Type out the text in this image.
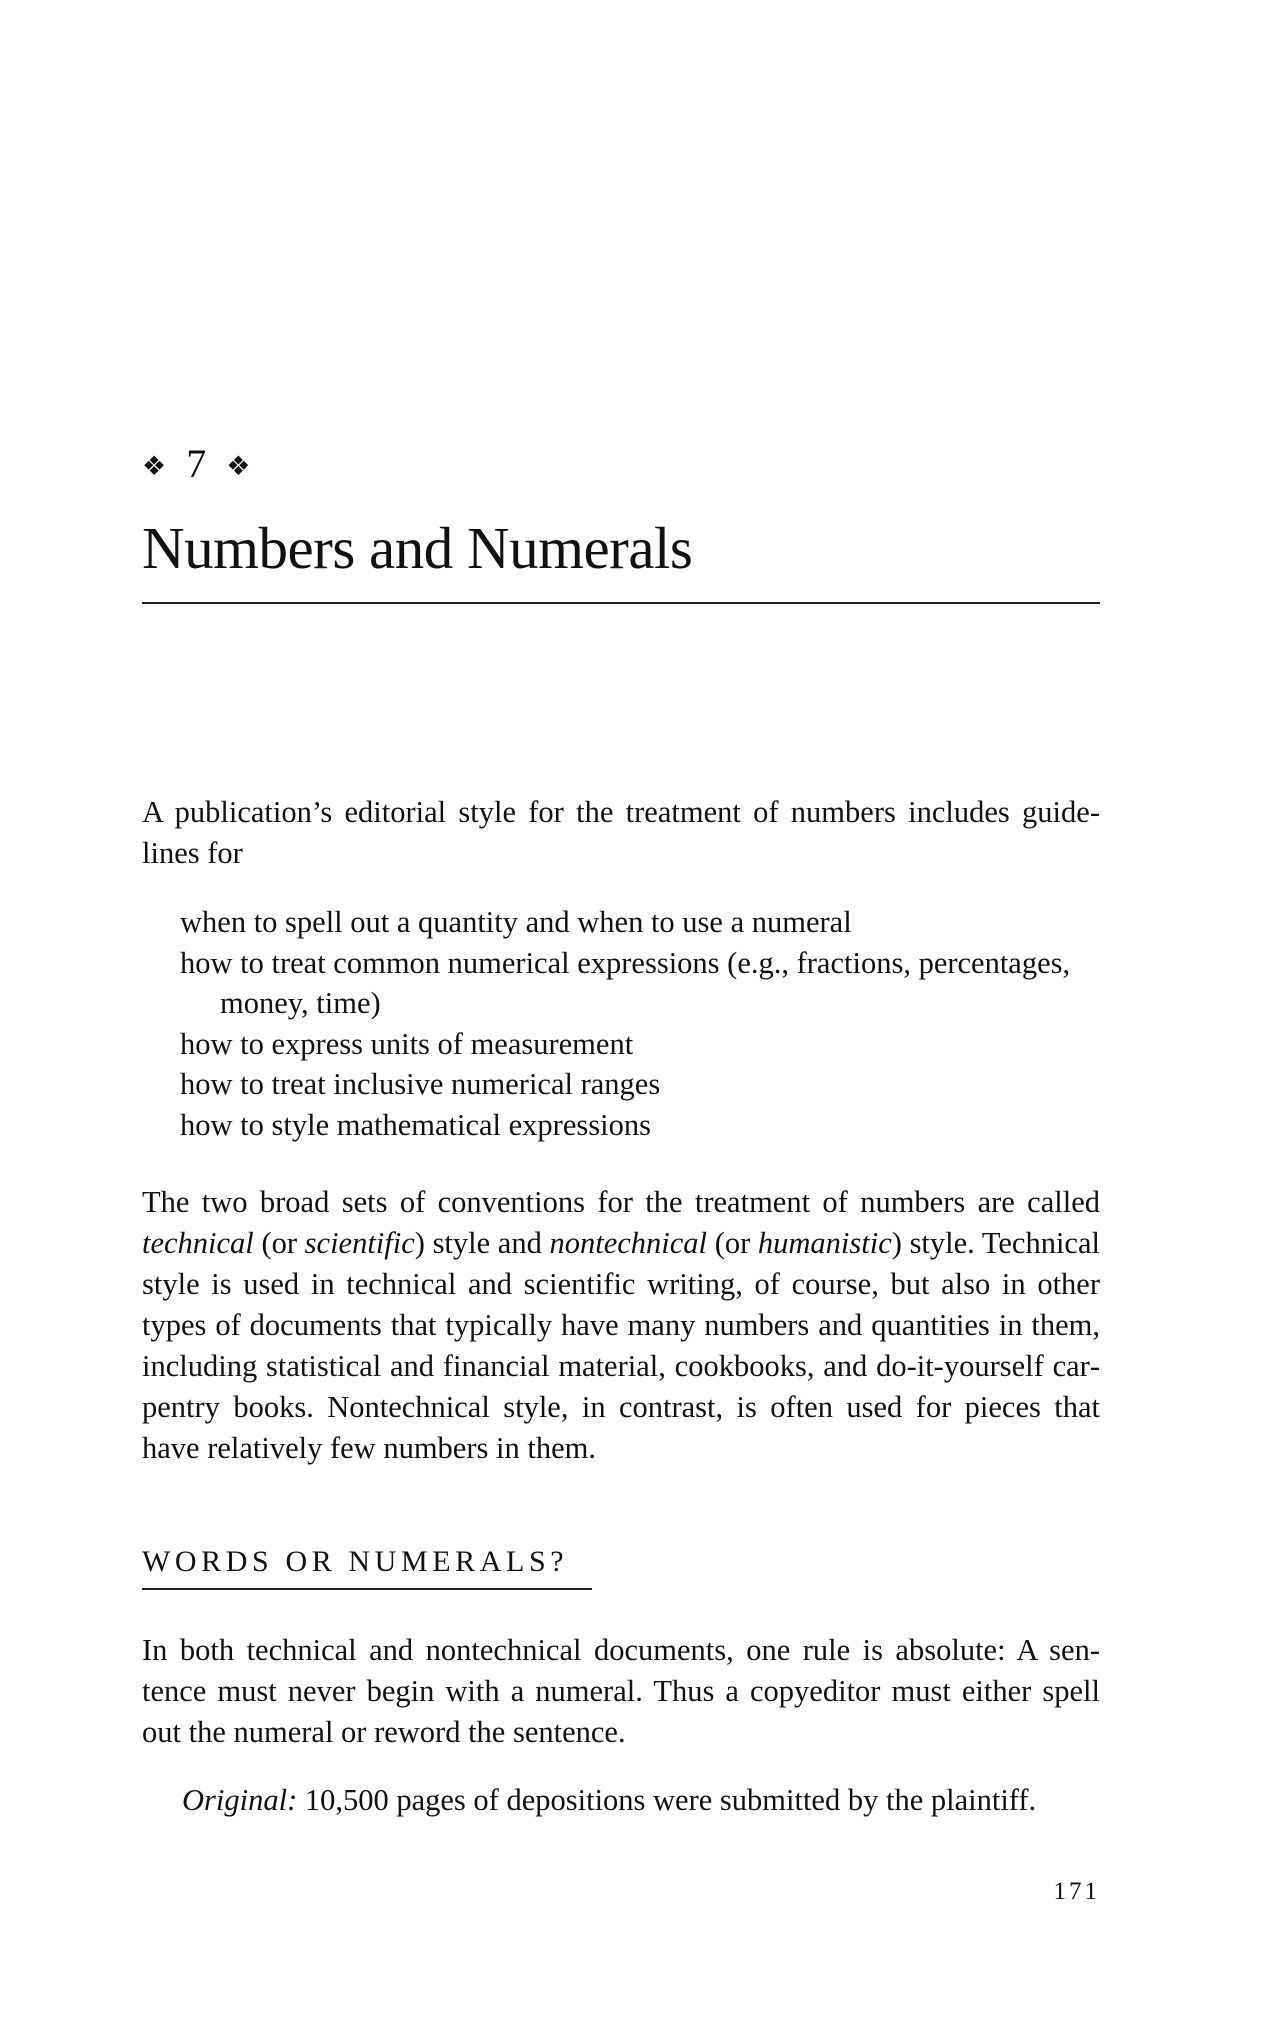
❖ 7 ❖
Numbers and Numerals

A publication’s editorial style for the treatment of numbers includes guidelines for

when to spell out a quantity and when to use a numeral
how to treat common numerical expressions (e.g., fractions, percentages, money, time)
how to express units of measurement
how to treat inclusive numerical ranges
how to style mathematical expressions

The two broad sets of conventions for the treatment of numbers are called technical (or scientific) style and nontechnical (or humanistic) style. Technical style is used in technical and scientific writing, of course, but also in other types of documents that typically have many numbers and quantities in them, including statistical and financial material, cookbooks, and do-it-yourself carpentry books. Nontechnical style, in contrast, is often used for pieces that have relatively few numbers in them.

WORDS OR NUMERALS?

In both technical and nontechnical documents, one rule is absolute: A sentence must never begin with a numeral. Thus a copyeditor must either spell out the numeral or reword the sentence.

Original: 10,500 pages of depositions were submitted by the plaintiff.

171
